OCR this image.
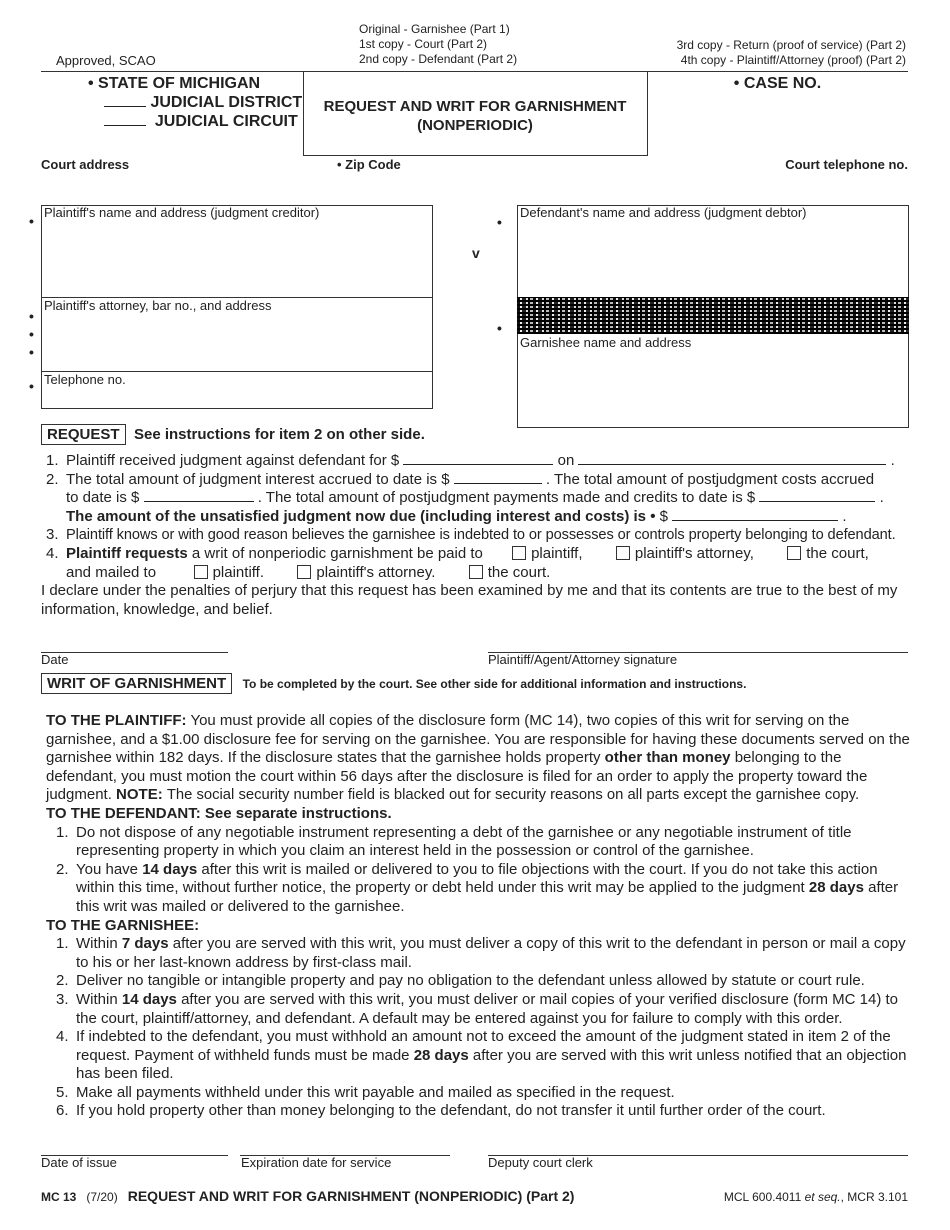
Approved, SCAO
Original - Garnishee (Part 1)
1st copy - Court (Part 2)
2nd copy - Defendant (Part 2)
3rd copy - Return (proof of service) (Part 2)
4th copy - Plaintiff/Attorney (proof) (Part 2)
• STATE OF MICHIGAN
JUDICIAL DISTRICT
JUDICIAL CIRCUIT
REQUEST AND WRIT FOR GARNISHMENT
(NONPERIODIC)
• CASE NO.
Court address	• Zip Code	Court telephone no.
Plaintiff's name and address (judgment creditor)
Plaintiff's attorney, bar no., and address
Telephone no.
•
•
•
•
•
v
Defendant's name and address (judgment debtor)
Garnishee name and address
•
•
REQUEST See instructions for item 2 on other side.
1. Plaintiff received judgment against defendant for $	on	.
2. The total amount of judgment interest accrued to date is $	. The total amount of postjudgment costs accrued
to date is $	. The total amount of postjudgment payments made and credits to date is $	.
The amount of the unsatisfied judgment now due (including interest and costs) is • $	.
3. Plaintiff knows or with good reason believes the garnishee is indebted to or possesses or controls property belonging to defendant.
4. Plaintiff requests a writ of nonperiodic garnishment be paid to	plaintiff,	plaintiff's attorney,	the court,
and mailed to	plaintiff.	plaintiff's attorney.	the court.
I declare under the penalties of perjury that this request has been examined by me and that its contents are true to the best of my information, knowledge, and belief.
Date	Plaintiff/Agent/Attorney signature
WRIT OF GARNISHMENT To be completed by the court. See other side for additional information and instructions.
TO THE PLAINTIFF: You must provide all copies of the disclosure form (MC 14), two copies of this writ for serving on the garnishee, and a $1.00 disclosure fee for serving on the garnishee. You are responsible for having these documents served on the garnishee within 182 days. If the disclosure states that the garnishee holds property other than money belonging to the defendant, you must motion the court within 56 days after the disclosure is filed for an order to apply the property toward the judgment. NOTE: The social security number field is blacked out for security reasons on all parts except the garnishee copy.
TO THE DEFENDANT: See separate instructions.
1. Do not dispose of any negotiable instrument representing a debt of the garnishee or any negotiable instrument of title representing property in which you claim an interest held in the possession or control of the garnishee.
2. You have 14 days after this writ is mailed or delivered to you to file objections with the court. If you do not take this action within this time, without further notice, the property or debt held under this writ may be applied to the judgment 28 days after this writ was mailed or delivered to the garnishee.
TO THE GARNISHEE:
1. Within 7 days after you are served with this writ, you must deliver a copy of this writ to the defendant in person or mail a copy to his or her last-known address by first-class mail.
2. Deliver no tangible or intangible property and pay no obligation to the defendant unless allowed by statute or court rule.
3. Within 14 days after you are served with this writ, you must deliver or mail copies of your verified disclosure (form MC 14) to the court, plaintiff/attorney, and defendant. A default may be entered against you for failure to comply with this order.
4. If indebted to the defendant, you must withhold an amount not to exceed the amount of the judgment stated in item 2 of the request. Payment of withheld funds must be made 28 days after you are served with this writ unless notified that an objection has been filed.
5. Make all payments withheld under this writ payable and mailed as specified in the request.
6. If you hold property other than money belonging to the defendant, do not transfer it until further order of the court.
Date of issue	Expiration date for service	Deputy court clerk
MC 13 (7/20) REQUEST AND WRIT FOR GARNISHMENT (NONPERIODIC) (Part 2)	MCL 600.4011 et seq., MCR 3.101
